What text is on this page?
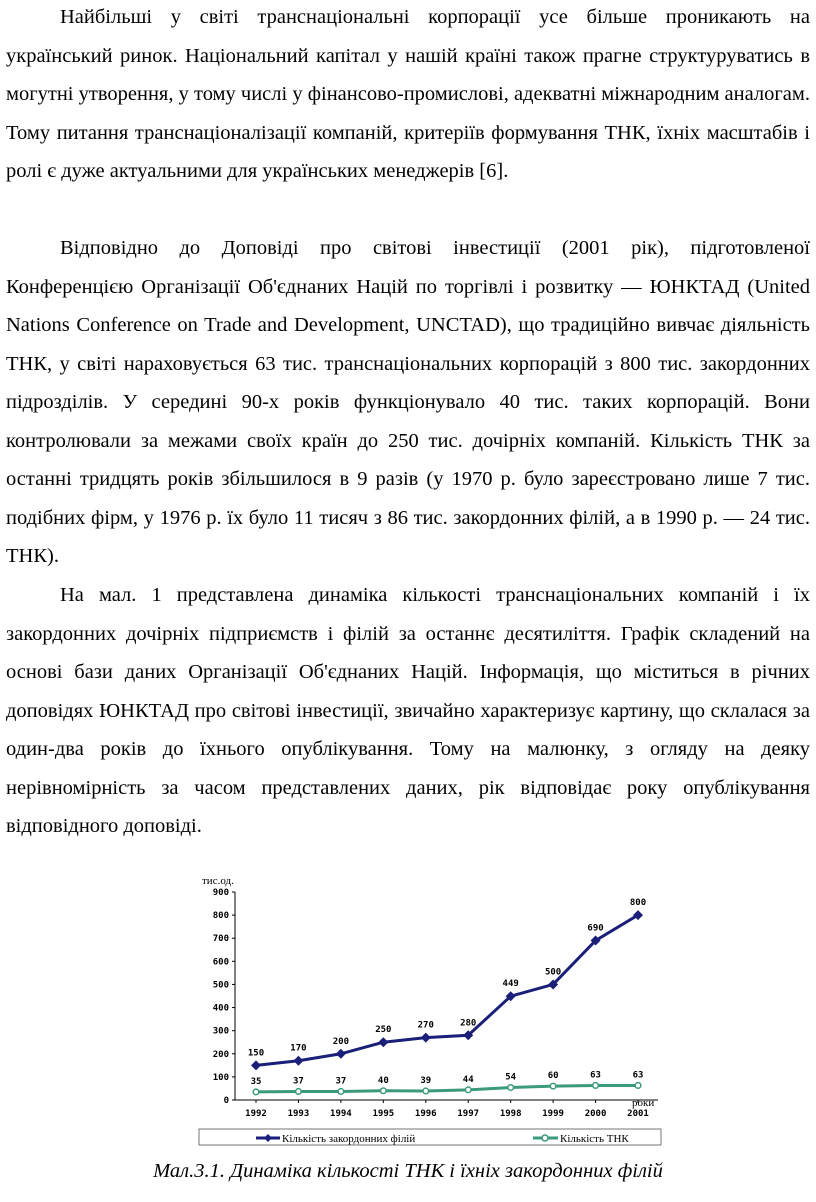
Найбільші у світі транснаціональні корпорації усе більше проникають на український ринок. Національний капітал у нашій країні також прагне структуруватись в могутні утворення, у тому числі у фінансово-промислові, адекватні міжнародним аналогам. Тому питання транснаціоналізації компаній, критеріїв формування ТНК, їхніх масштабів і ролі є дуже актуальними для українських менеджерів [6].

Відповідно до Доповіді про світові інвестиції (2001 рік), підготовленої Конференцією Організації Об'єднаних Націй по торгівлі і розвитку — ЮНКТАД (United Nations Conference on Trade and Development, UNCTAD), що традиційно вивчає діяльність ТНК, у світі нараховується 63 тис. транснаціональних корпорацій з 800 тис. закордонних підрозділів. У середині 90-х років функціонувало 40 тис. таких корпорацій. Вони контролювали за межами своїх країн до 250 тис. дочірніх компаній. Кількість ТНК за останні тридцять років збільшилося в 9 разів (у 1970 р. було зареєстровано лише 7 тис. подібних фірм, у 1976 р. їх було 11 тисяч з 86 тис. закордонних філій, а в 1990 р. — 24 тис. ТНК).

На мал. 1 представлена динаміка кількості транснаціональних компаній і їх закордонних дочірніх підприємств і філій за останнє десятиліття. Графік складений на основі бази даних Організації Об'єднаних Націй. Інформація, що міститься в річних доповідях ЮНКТАД про світові інвестиції, звичайно характеризує картину, що склалася за один-два років до їхнього опублікування. Тому на малюнку, з огляду на деяку нерівномірність за часом представлених даних, рік відповідає року опублікування відповідного доповіді.

0
100
200
300
400
500
600
700
800
900
тис.од.
1992 1993 1994 1995 1996 1997 1998 1999 2000 2001
роки
150	170
200
250	270	280
449
500
690
800
35	37	37	40	39	44	54	60	63	63
Кількість закордонних філій	Кількість ТНК
Мал.3.1. Динаміка кількості ТНК і їхніх закордонних філій
